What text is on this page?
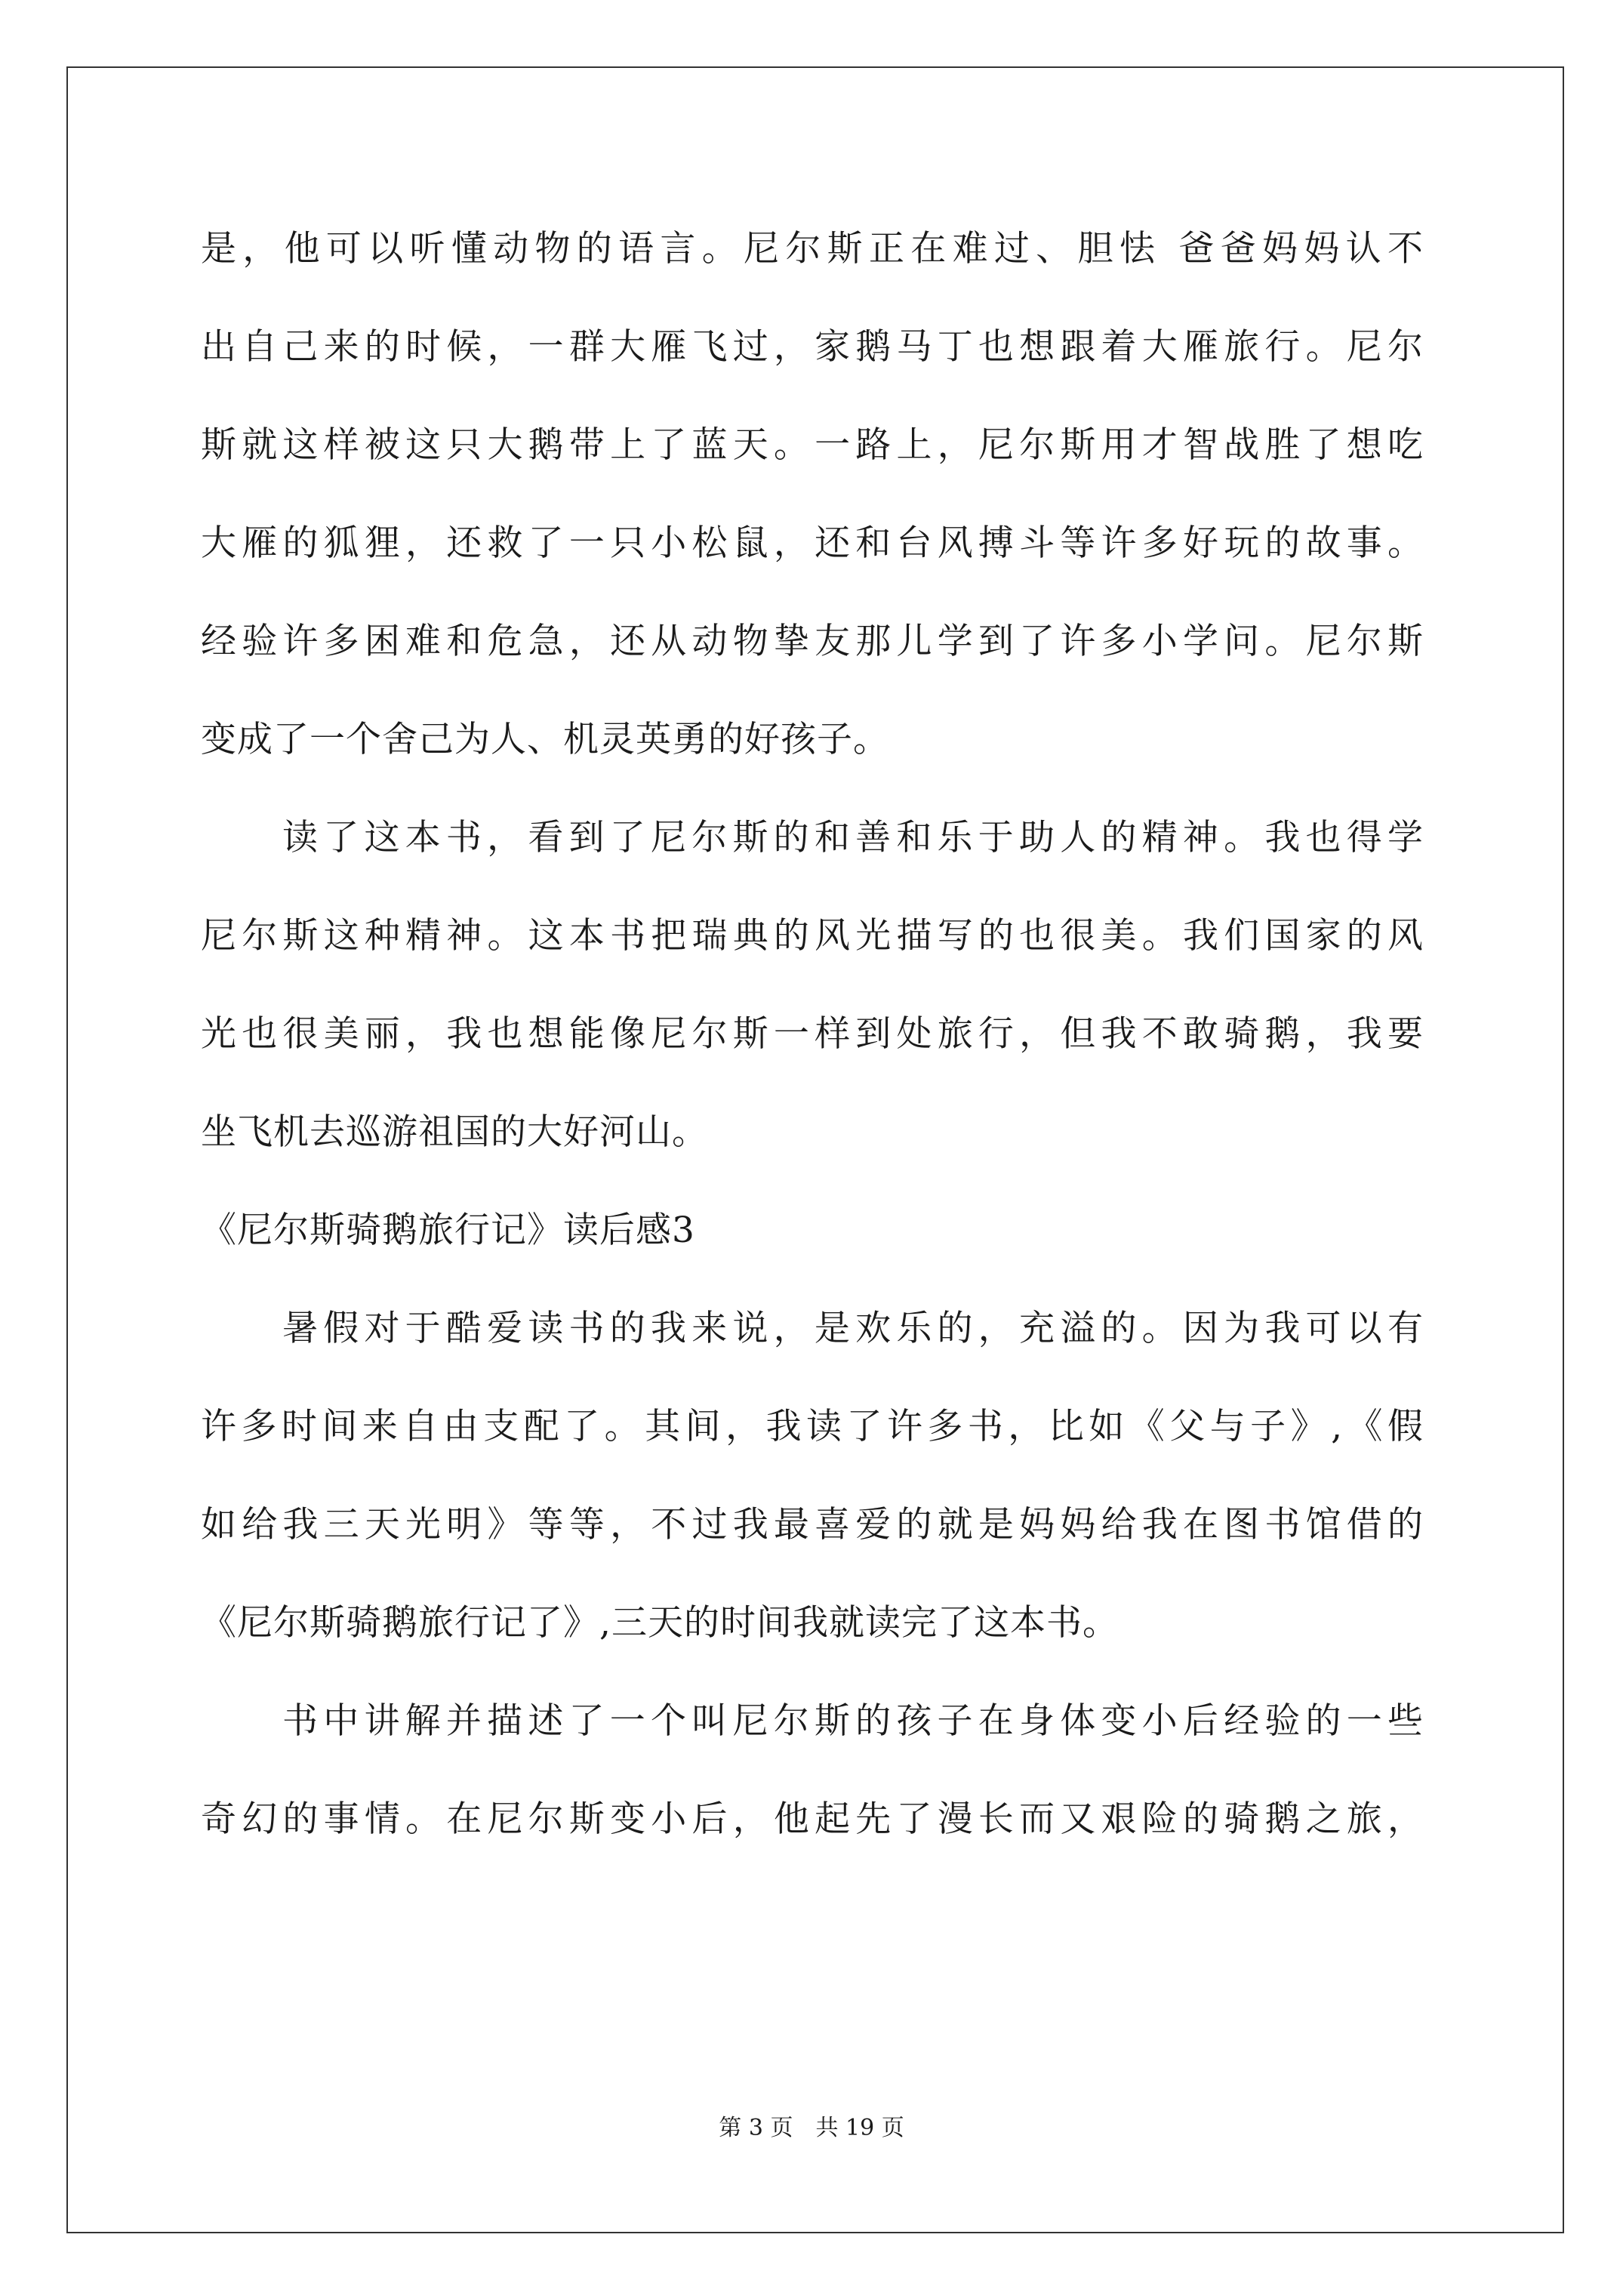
是，他可以听懂动物的语言。尼尔斯正在难过、胆怯 爸爸妈妈认不
出自己来的时候，一群大雁飞过，家鹅马丁也想跟着大雁旅行。尼尔
斯就这样被这只大鹅带上了蓝天。一路上，尼尔斯用才智战胜了想吃
大雁的狐狸，还救了一只小松鼠，还和台风搏斗等许多好玩的故事。
经验许多困难和危急，还从动物挚友那儿学到了许多小学问。尼尔斯
变成了一个舍己为人、机灵英勇的好孩子。
读了这本书，看到了尼尔斯的和善和乐于助人的精神。我也得学
尼尔斯这种精神。这本书把瑞典的风光描写的也很美。我们国家的风
光也很美丽，我也想能像尼尔斯一样到处旅行，但我不敢骑鹅，我要
坐飞机去巡游祖国的大好河山。
《尼尔斯骑鹅旅行记》读后感3
暑假对于酷爱读书的我来说，是欢乐的，充溢的。因为我可以有
许多时间来自由支配了。其间，我读了许多书，比如《父与子》,《假
如给我三天光明》等等，不过我最喜爱的就是妈妈给我在图书馆借的
《尼尔斯骑鹅旅行记了》,三天的时间我就读完了这本书。
书中讲解并描述了一个叫尼尔斯的孩子在身体变小后经验的一些
奇幻的事情。在尼尔斯变小后，他起先了漫长而又艰险的骑鹅之旅，
第 3 页　共 19 页
